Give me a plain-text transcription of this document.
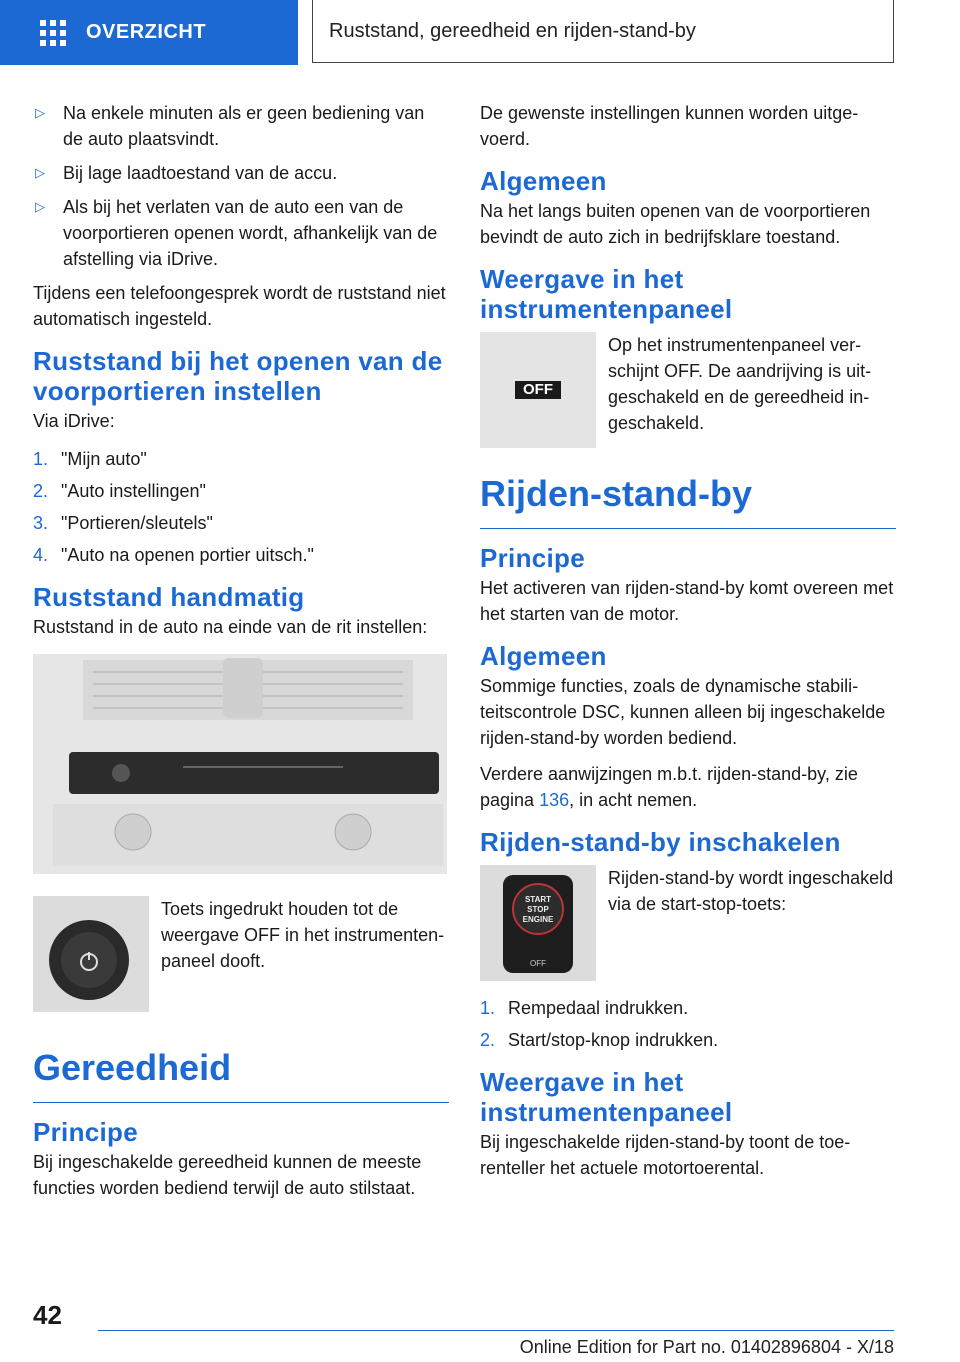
OVERZICHT	Ruststand, gereedheid en rijden-stand-by
▷	Na enkele minuten als er geen bediening van de auto plaatsvindt.
▷	Bij lage laadtoestand van de accu.
▷	Als bij het verlaten van de auto een van de voorportieren openen wordt, afhankelijk van de afstelling via iDrive.

Tijdens een telefoongesprek wordt de ruststand niet automatisch ingesteld.

Ruststand bij het openen van de voorportieren instellen

Via iDrive:

1. "Mijn auto"
2. "Auto instellingen"
3. "Portieren/sleutels"
4. "Auto na openen portier uitsch."
Ruststand handmatig

Ruststand in de auto na einde van de rit instellen:

Toets ingedrukt houden tot de weergave OFF in het instrumentenpaneel dooft.
Gereedheid
Principe

Bij ingeschakelde gereedheid kunnen de meeste functies worden bediend terwijl de auto stilstaat.

De gewenste instellingen kunnen worden uitgevoerd.

Algemeen

Na het langs buiten openen van de voorportieren bevindt de auto zich in bedrijfsklare toestand.

Weergave in het instrumentenpaneel
OFF
Op het instrumentenpaneel verschijnt OFF. De aandrijving is uitgeschakeld en de gereedheid ingeschakeld.
Rijden-stand-by
Principe

Het activeren van rijden-stand-by komt overeen met het starten van de motor.

Algemeen

Sommige functies, zoals de dynamische stabiliteitscontrole DSC, kunnen alleen bij ingeschakelde rijden-stand-by worden bediend.

Verdere aanwijzingen m.b.t. rijden-stand-by, zie pagina 136, in acht nemen.

Rijden-stand-by inschakelen
START
STOP
ENGINE
OFF
Rijden-stand-by wordt ingeschakeld via de start-stop-toets:
1. Rempedaal indrukken.
2. Start/stop-knop indrukken.
Weergave in het instrumentenpaneel

Bij ingeschakelde rijden-stand-by toont de toerenteller het actuele motortoerental.

42
Online Edition for Part no. 01402896804 - X/18
